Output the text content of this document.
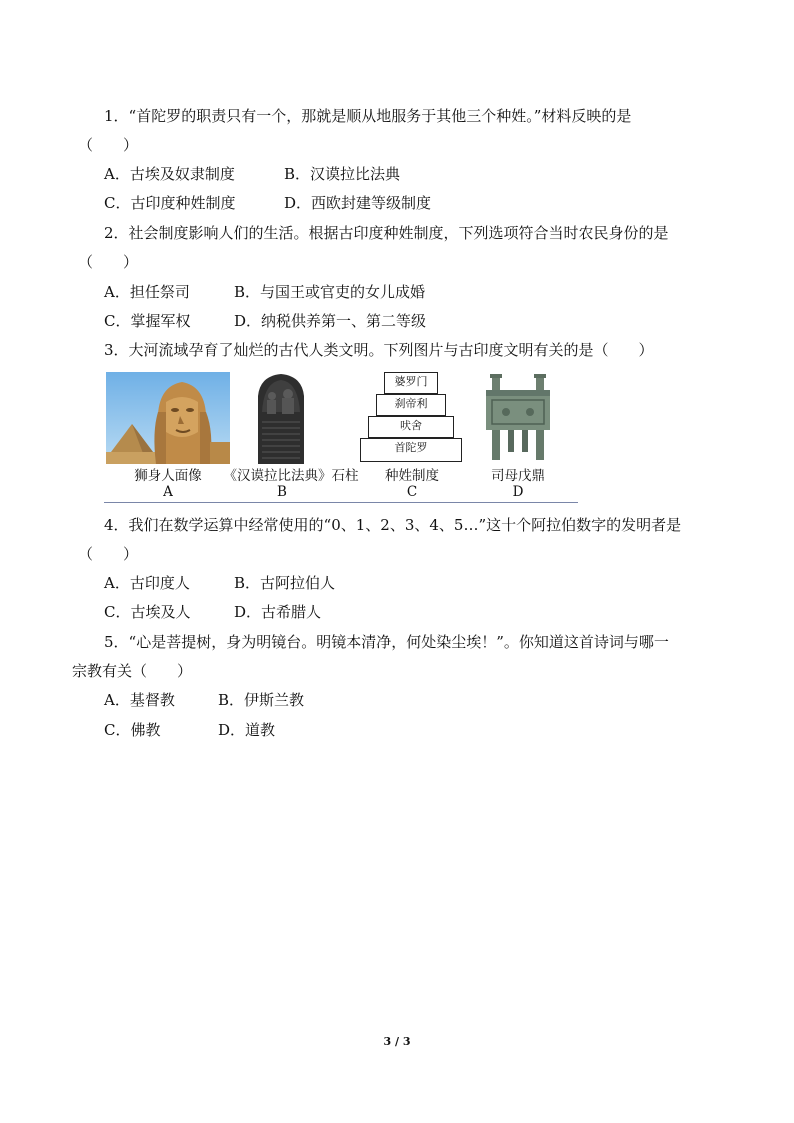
1．“首陀罗的职责只有一个，那就是顺从地服务于其他三个种姓。”材料反映的是
（　　）
A．古埃及奴隶制度	B．汉谟拉比法典
C．古印度种姓制度	D．西欧封建等级制度
2．社会制度影响人们的生活。根据古印度种姓制度，下列选项符合当时农民身份的是
（　　）
A．担任祭司	B．与国王或官吏的女儿成婚
C．掌握军权	D．纳税供养第一、第二等级
3．大河流域孕育了灿烂的古代人类文明。下列图片与古印度文明有关的是（　　）
婆罗门
刹帝利
吠舍
首陀罗
狮身人面像
A
《汉谟拉比法典》石柱
B
种姓制度
C
司母戊鼎
D
4．我们在数学运算中经常使用的“0、1、2、3、4、5…”这十个阿拉伯数字的发明者是
（　　）
A．古印度人	B．古阿拉伯人
C．古埃及人	D．古希腊人
5．“心是菩提树，身为明镜台。明镜本清净，何处染尘埃！”。你知道这首诗词与哪一
宗教有关（　　）
A．基督教	B．伊斯兰教
C．佛教	D．道教
3 / 3
